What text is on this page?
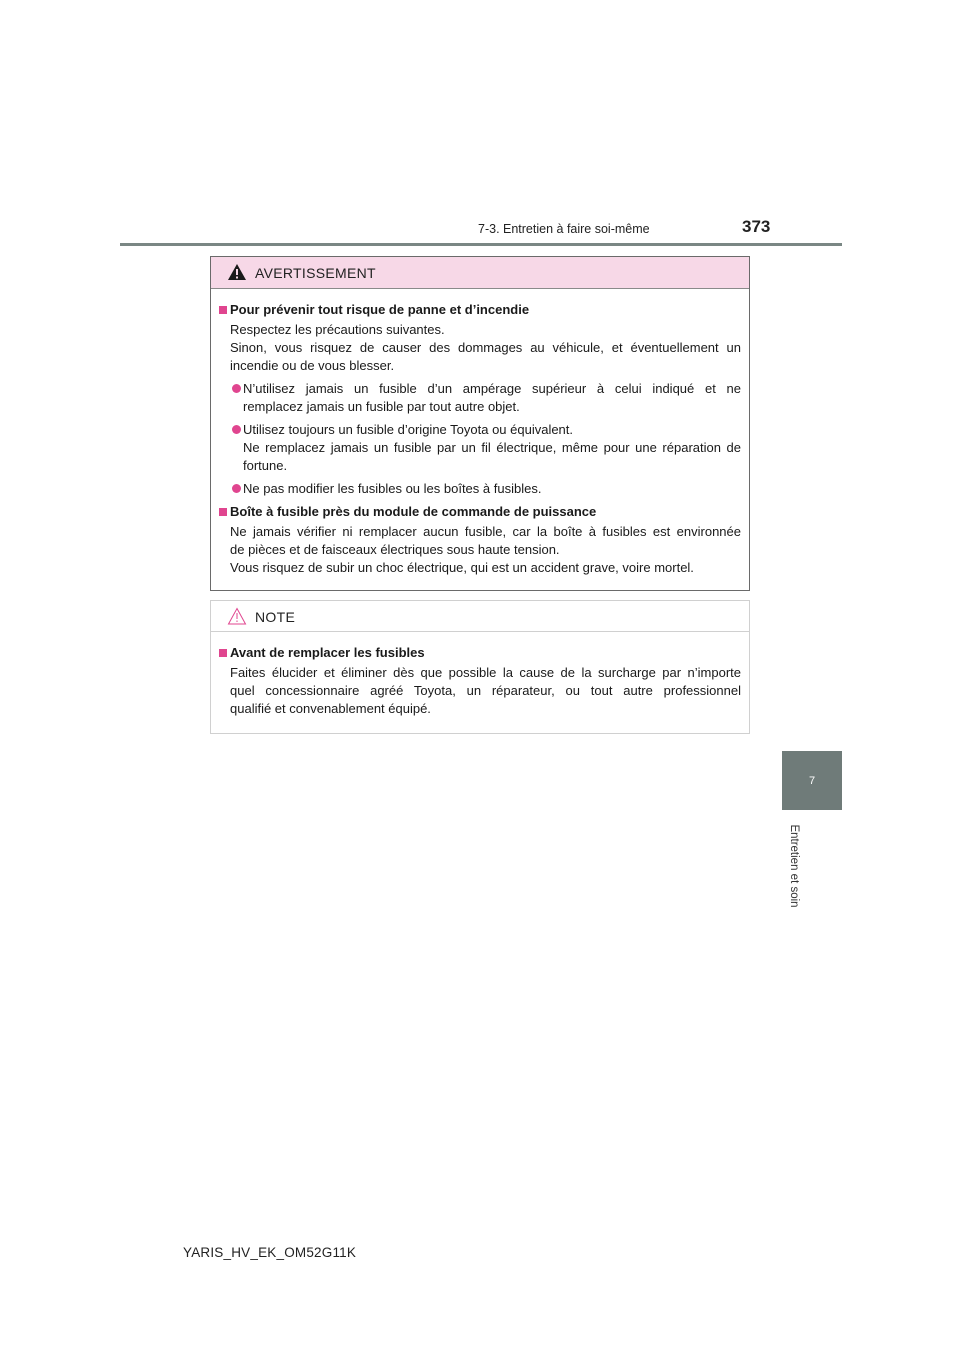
7-3. Entretien à faire soi-même	373
7
Entretien et soin
AVERTISSEMENT
Pour prévenir tout risque de panne et d’incendie
Respectez les précautions suivantes.
Sinon, vous risquez de causer des dommages au véhicule, et éventuellement un
incendie ou de vous blesser.
N’utilisez jamais un fusible d’un ampérage supérieur à celui indiqué et ne
remplacez jamais un fusible par tout autre objet.
Utilisez toujours un fusible d’origine Toyota ou équivalent.
Ne remplacez jamais un fusible par un fil électrique, même pour une réparation de
fortune.
Ne pas modifier les fusibles ou les boîtes à fusibles.
Boîte à fusible près du module de commande de puissance
Ne jamais vérifier ni remplacer aucun fusible, car la boîte à fusibles est environnée
de pièces et de faisceaux électriques sous haute tension.
Vous risquez de subir un choc électrique, qui est un accident grave, voire mortel.
NOTE
Avant de remplacer les fusibles
Faites élucider et éliminer dès que possible la cause de la surcharge par n’importe
quel concessionnaire agréé Toyota, un réparateur, ou tout autre professionnel
qualifié et convenablement équipé.
YARIS_HV_EK_OM52G11K
